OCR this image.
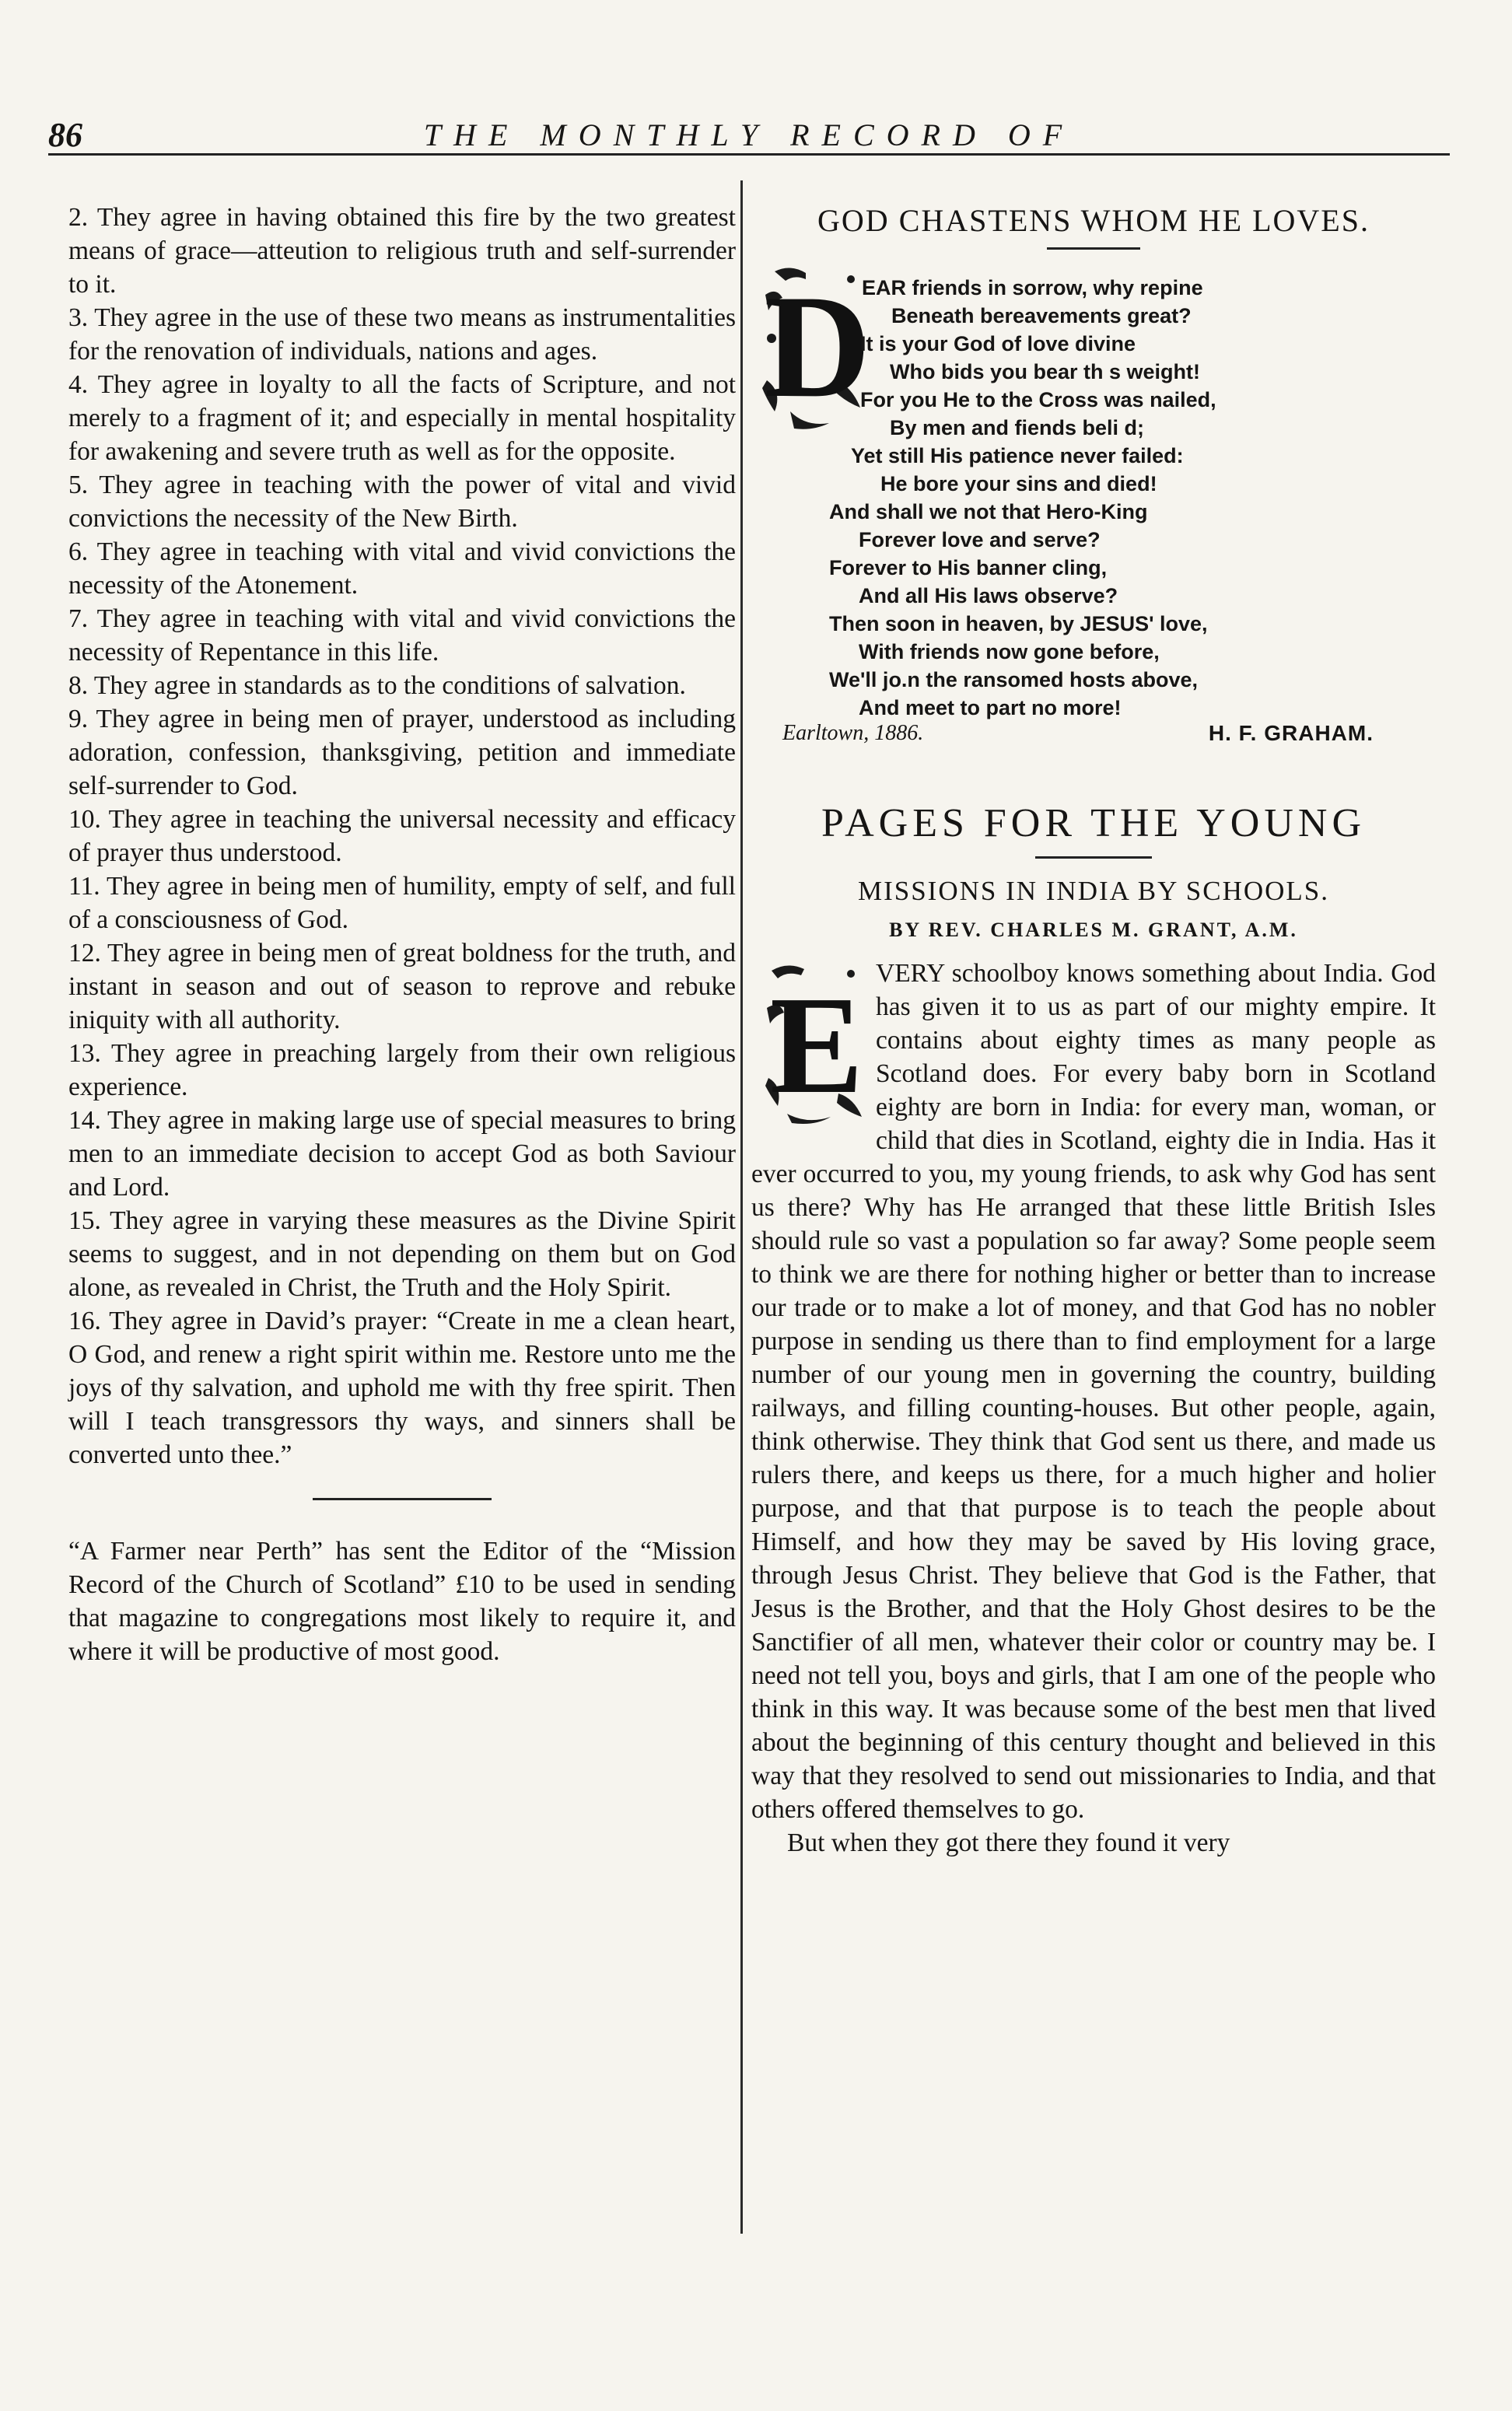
86	THE MONTHLY RECORD OF

2. They agree in having obtained this fire by the two greatest means of grace—atteution to religious truth and self-surrender to it.

3. They agree in the use of these two means as instrumentalities for the renovation of individuals, nations and ages.

4. They agree in loyalty to all the facts of Scripture, and not merely to a fragment of it; and especially in mental hospitality for awakening and severe truth as well as for the opposite.

5. They agree in teaching with the power of vital and vivid convictions the necessity of the New Birth.

6. They agree in teaching with vital and vivid convictions the necessity of the Atonement.

7. They agree in teaching with vital and vivid convictions the necessity of Repentance in this life.

8. They agree in standards as to the conditions of salvation.

9. They agree in being men of prayer, understood as including adoration, confession, thanksgiving, petition and immediate self-surrender to God.

10. They agree in teaching the universal necessity and efficacy of prayer thus understood.

11. They agree in being men of humility, empty of self, and full of a consciousness of God.

12. They agree in being men of great boldness for the truth, and instant in season and out of season to reprove and rebuke iniquity with all authority.

13. They agree in preaching largely from their own religious experience.

14. They agree in making large use of special measures to bring men to an immediate decision to accept God as both Saviour and Lord.

15. They agree in varying these measures as the Divine Spirit seems to suggest, and in not depending on them but on God alone, as revealed in Christ, the Truth and the Holy Spirit.

16. They agree in David’s prayer: “Create in me a clean heart, O God, and renew a right spirit within me. Restore unto me the joys of thy salvation, and uphold me with thy free spirit. Then will I teach transgressors thy ways, and sinners shall be converted unto thee.”

“A Farmer near Perth” has sent the Editor of the “Mission Record of the Church of Scotland” £10 to be used in sending that magazine to congregations most likely to require it, and where it will be productive of most good.

GOD CHASTENS WHOM HE LOVES.
D
EAR friends in sorrow, why repine
Beneath bereavements great?
It is your God of love divine
Who bids you bear th s weight!
For you He to the Cross was nailed,
By men and fiends beli d;
Yet still His patience never failed:
He bore your sins and died!
And shall we not that Hero-King
Forever love and serve?
Forever to His banner cling,
And all His laws observe?
Then soon in heaven, by JESUS' love,
With friends now gone before,
We'll jo.n the ransomed hosts above,
And meet to part no more!
Earltown, 1886.	H. F. GRAHAM.
PAGES FOR THE YOUNG
MISSIONS IN INDIA BY SCHOOLS.
BY REV. CHARLES M. GRANT, A.M.
E VERY schoolboy knows something about India. God has given it to us as part of our mighty empire. It contains about eighty times as many people as Scotland does. For every baby born in Scotland eighty are born in India: for every man, woman, or child that dies in Scotland, eighty die in India. Has it ever occurred to you, my young friends, to ask why God has sent us there? Why has He arranged that these little British Isles should rule so vast a population so far away? Some people seem to think we are there for nothing higher or better than to increase our trade or to make a lot of money, and that God has no nobler purpose in sending us there than to find employment for a large number of our young men in governing the country, building railways, and filling counting-houses. But other people, again, think otherwise. They think that God sent us there, and made us rulers there, and keeps us there, for a much higher and holier purpose, and that that purpose is to teach the people about Himself, and how they may be saved by His loving grace, through Jesus Christ. They believe that God is the Father, that Jesus is the Brother, and that the Holy Ghost desires to be the Sanctifier of all men, whatever their color or country may be. I need not tell you, boys and girls, that I am one of the people who think in this way. It was because some of the best men that lived about the beginning of this century thought and believed in this way that they resolved to send out missionaries to India, and that others offered themselves to go.

But when they got there they found it very
